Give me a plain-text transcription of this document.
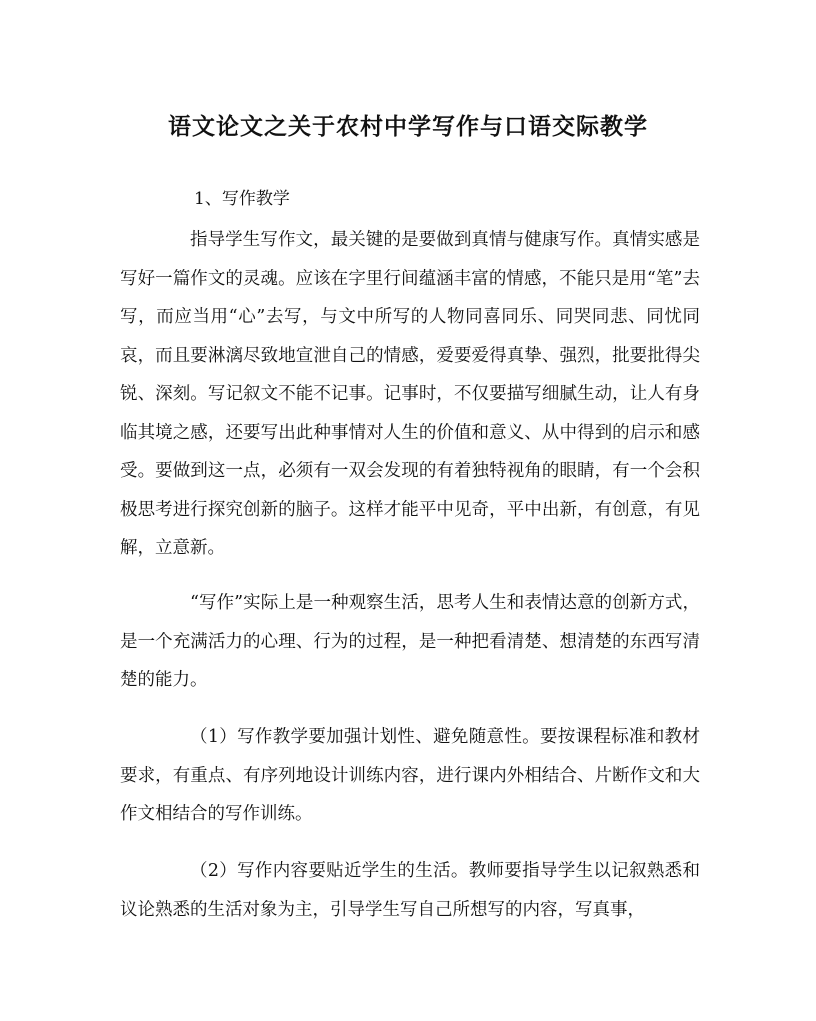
语文论文之关于农村中学写作与口语交际教学

1、写作教学

指导学生写作文，最关键的是要做到真情与健康写作。真情实感是写好一篇作文的灵魂。应该在字里行间蕴涵丰富的情感，不能只是用“笔”去写，而应当用“心”去写，与文中所写的人物同喜同乐、同哭同悲、同忧同哀，而且要淋漓尽致地宣泄自己的情感，爱要爱得真挚、强烈，批要批得尖锐、深刻。写记叙文不能不记事。记事时，不仅要描写细腻生动，让人有身临其境之感，还要写出此种事情对人生的价值和意义、从中得到的启示和感受。要做到这一点，必须有一双会发现的有着独特视角的眼睛，有一个会积极思考进行探究创新的脑子。这样才能平中见奇，平中出新，有创意，有见解，立意新。

“写作”实际上是一种观察生活，思考人生和表情达意的创新方式，是一个充满活力的心理、行为的过程，是一种把看清楚、想清楚的东西写清楚的能力。

（1）写作教学要加强计划性、避免随意性。要按课程标准和教材要求，有重点、有序列地设计训练内容，进行课内外相结合、片断作文和大作文相结合的写作训练。

（2）写作内容要贴近学生的生活。教师要指导学生以记叙熟悉和议论熟悉的生活对象为主，引导学生写自己所想写的内容，写真事，
